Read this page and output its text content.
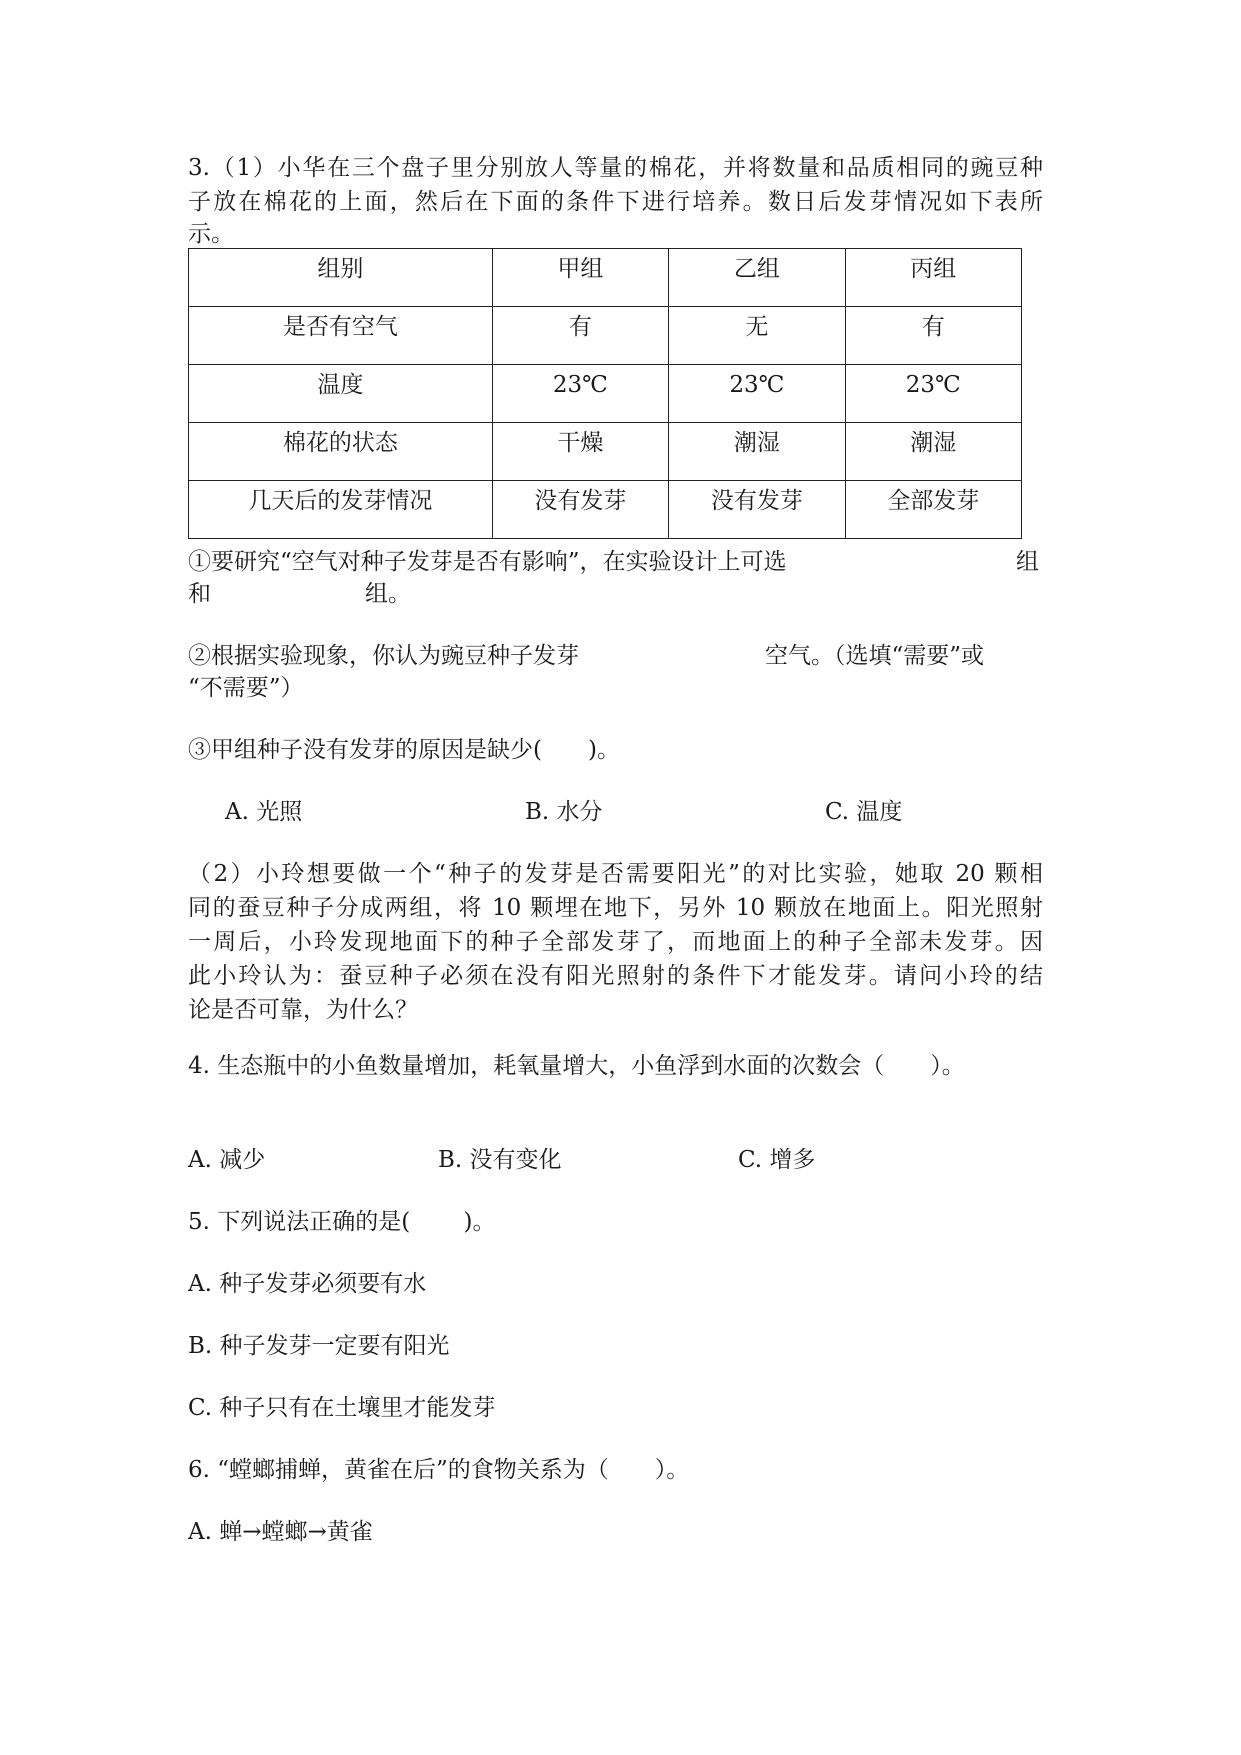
3.（1）小华在三个盘子里分别放人等量的棉花，并将数量和品质相同的豌豆种
子放在棉花的上面，然后在下面的条件下进行培养。数日后发芽情况如下表所
示。
组别	甲组	乙组	丙组
是否有空气	有	无	有
温度	23℃	23℃	23℃
棉花的状态	干燥	潮湿	潮湿
几天后的发芽情况	没有发芽	没有发芽	全部发芽
①要研究“空气对种子发芽是否有影响”，在实验设计上可选	组
和	组。
②根据实验现象，你认为豌豆种子发芽	空气。（选填“需要”或
“不需要”）
③甲组种子没有发芽的原因是缺少(　　)。
A. 光照	B. 水分	C. 温度
（2）小玲想要做一个“种子的发芽是否需要阳光”的对比实验，她取 20 颗相
同的蚕豆种子分成两组，将 10 颗埋在地下，另外 10 颗放在地面上。阳光照射
一周后，小玲发现地面下的种子全部发芽了，而地面上的种子全部未发芽。因
此小玲认为：蚕豆种子必须在没有阳光照射的条件下才能发芽。请问小玲的结
论是否可靠，为什么？
4. 生态瓶中的小鱼数量增加，耗氧量增大，小鱼浮到水面的次数会（　　）。
A. 减少	B. 没有变化	C. 增多
5. 下列说法正确的是(　　 )。
A. 种子发芽必须要有水
B. 种子发芽一定要有阳光
C. 种子只有在土壤里才能发芽
6. “螳螂捕蝉，黄雀在后”的食物关系为（　　）。
A. 蝉→螳螂→黄雀
